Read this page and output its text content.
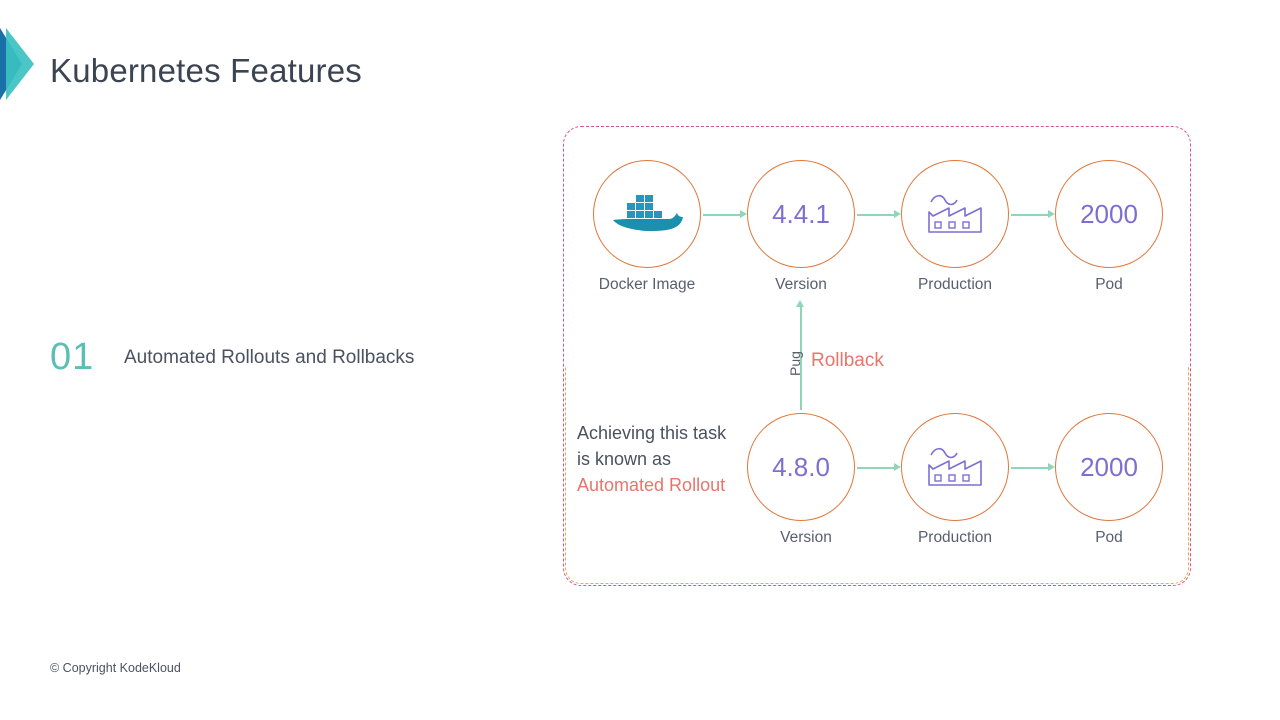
Kubernetes Features
01 Automated Rollouts and Rollbacks
© Copyright KodeKloud
Docker Image
4.4.1
Version	Production
2000
Pod
Pug Rollback
4.8.0
Version	Production
2000
Pod
Achieving this task is known as Automated Rollout
